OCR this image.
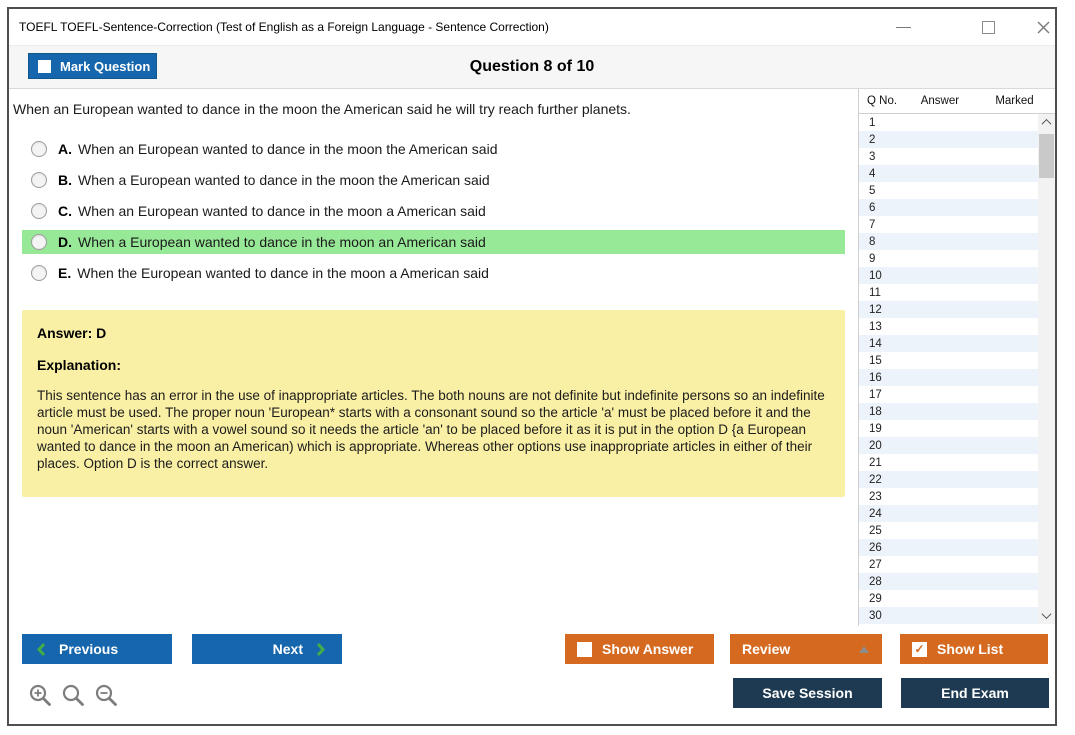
TOEFL TOEFL-Sentence-Correction (Test of English as a Foreign Language - Sentence Correction)
Mark Question	Question 8 of 10
When an European wanted to dance in the moon the American said he will try reach further planets.
A. When an European wanted to dance in the moon the American said
B. When a European wanted to dance in the moon the American said
C. When an European wanted to dance in the moon a American said
D. When a European wanted to dance in the moon an American said
E. When the European wanted to dance in the moon a American said
Answer: D
Explanation:
This sentence has an error in the use of inappropriate articles. The both nouns are not definite but indefinite persons so an indefinite article must be used. The proper noun 'European* starts with a consonant sound so the article 'a' must be placed before it and the noun 'American' starts with a vowel sound so it needs the article 'an' to be placed before it as it is put in the option D {a European wanted to dance in the moon an American) which is appropriate. Whereas other options use inappropriate articles in either of their places. Option D is the correct answer.
Q No.	Answer	Marked
1
2
3
4
5
6
7
8
9
10
11
12
13
14
15
16
17
18
19
20
21
22
23
24
25
26
27
28
29
30
Previous	Next	Show Answer	Review	✓ Show List
Save Session	End Exam
